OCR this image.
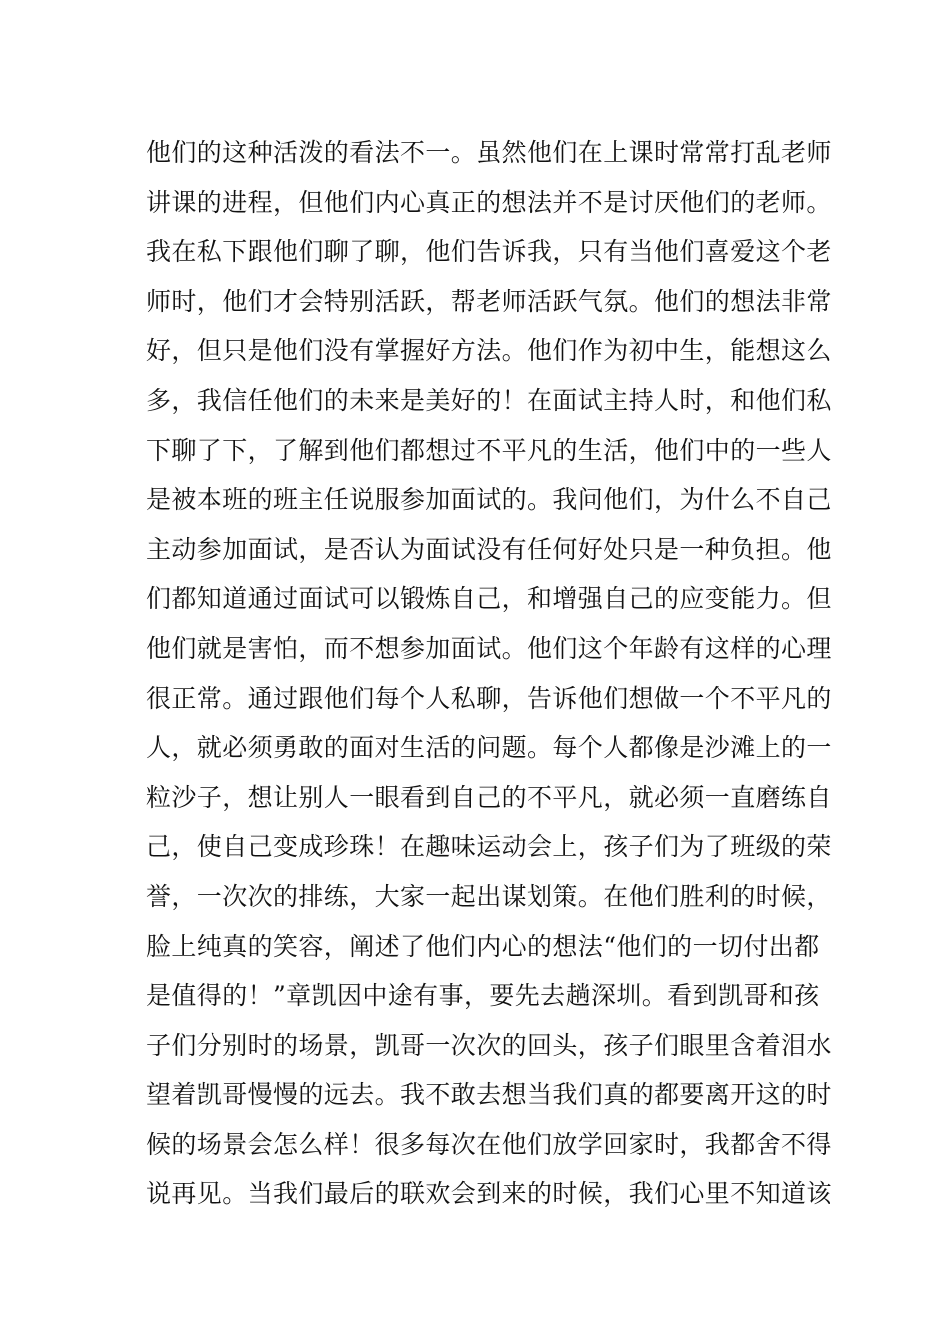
他们的这种活泼的看法不一。虽然他们在上课时常常打乱老师
讲课的进程，但他们内心真正的想法并不是讨厌他们的老师。
我在私下跟他们聊了聊，他们告诉我，只有当他们喜爱这个老
师时，他们才会特别活跃，帮老师活跃气氛。他们的想法非常
好，但只是他们没有掌握好方法。他们作为初中生，能想这么
多，我信任他们的未来是美好的！在面试主持人时，和他们私
下聊了下，了解到他们都想过不平凡的生活，他们中的一些人
是被本班的班主任说服参加面试的。我问他们，为什么不自己
主动参加面试，是否认为面试没有任何好处只是一种负担。他
们都知道通过面试可以锻炼自己，和增强自己的应变能力。但
他们就是害怕，而不想参加面试。他们这个年龄有这样的心理
很正常。通过跟他们每个人私聊，告诉他们想做一个不平凡的
人，就必须勇敢的面对生活的问题。每个人都像是沙滩上的一
粒沙子，想让别人一眼看到自己的不平凡，就必须一直磨练自
己，使自己变成珍珠！在趣味运动会上，孩子们为了班级的荣
誉，一次次的排练，大家一起出谋划策。在他们胜利的时候，
脸上纯真的笑容，阐述了他们内心的想法“他们的一切付出都
是值得的！”章凯因中途有事，要先去趟深圳。看到凯哥和孩
子们分别时的场景，凯哥一次次的回头，孩子们眼里含着泪水
望着凯哥慢慢的远去。我不敢去想当我们真的都要离开这的时
候的场景会怎么样！很多每次在他们放学回家时，我都舍不得
说再见。当我们最后的联欢会到来的时候，我们心里不知道该
